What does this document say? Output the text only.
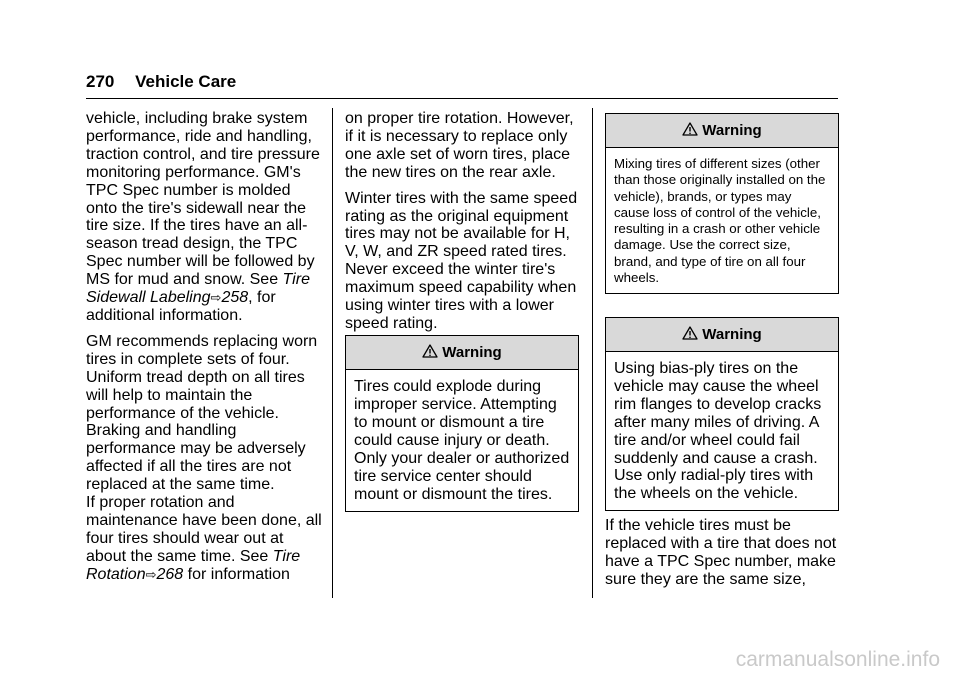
270 Vehicle Care

vehicle, including brake system performance, ride and handling, traction control, and tire pressure monitoring performance. GM's TPC Spec number is molded onto the tire's sidewall near the tire size. If the tires have an all-season tread design, the TPC Spec number will be followed by MS for mud and snow. See Tire Sidewall Labeling⇨258, for additional information.

GM recommends replacing worn tires in complete sets of four. Uniform tread depth on all tires will help to maintain the performance of the vehicle. Braking and handling performance may be adversely affected if all the tires are not replaced at the same time.

If proper rotation and maintenance have been done, all four tires should wear out at about the same time. See Tire Rotation⇨268 for information

on proper tire rotation. However, if it is necessary to replace only one axle set of worn tires, place the new tires on the rear axle.

Winter tires with the same speed rating as the original equipment tires may not be available for H, V, W, and ZR speed rated tires. Never exceed the winter tire's maximum speed capability when using winter tires with a lower speed rating.

Warning
Tires could explode during improper service. Attempting to mount or dismount a tire could cause injury or death. Only your dealer or authorized tire service center should mount or dismount the tires.
Warning
Mixing tires of different sizes (other than those originally installed on the vehicle), brands, or types may cause loss of control of the vehicle, resulting in a crash or other vehicle damage. Use the correct size, brand, and type of tire on all four wheels.
Warning
Using bias-ply tires on the vehicle may cause the wheel rim flanges to develop cracks after many miles of driving. A tire and/or wheel could fail suddenly and cause a crash. Use only radial-ply tires with the wheels on the vehicle.

If the vehicle tires must be replaced with a tire that does not have a TPC Spec number, make sure they are the same size,

carmanualsonline.info
